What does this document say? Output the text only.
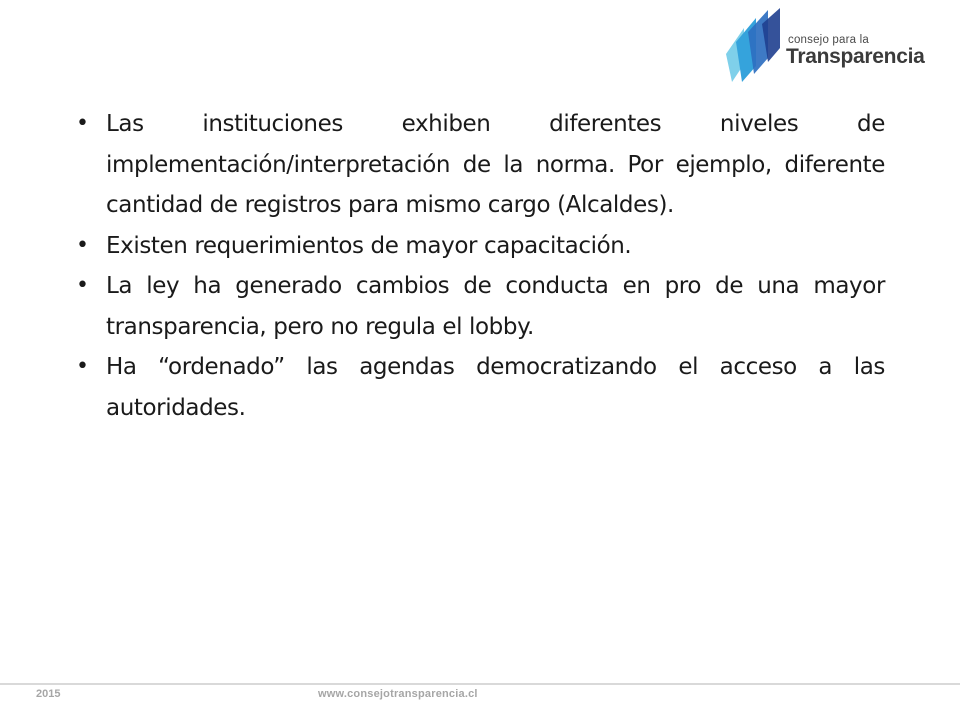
consejo para la
Transparencia
• Las instituciones exhiben diferentes niveles de implementación/interpretación de la norma. Por ejemplo, diferente cantidad de registros para mismo cargo (Alcaldes).
• Existen requerimientos de mayor capacitación.
• La ley ha generado cambios de conducta en pro de una mayor transparencia, pero no regula el lobby.
• Ha “ordenado” las agendas democratizando el acceso a las autoridades.
2015	www.consejotransparencia.cl
